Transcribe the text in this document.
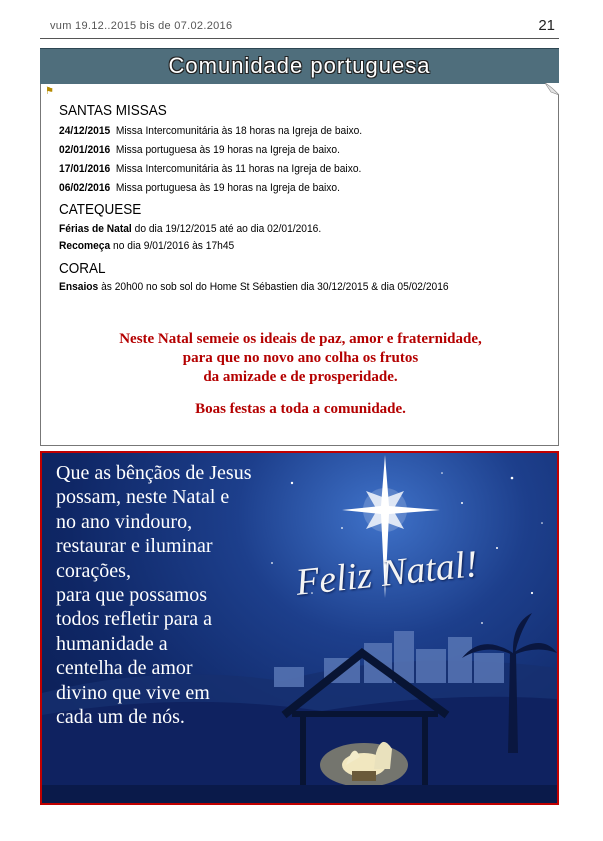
vum 19.12..2015 bis de 07.02.2016	21
Comunidade portuguesa
⚑
SANTAS MISSAS
24/12/2015  Missa Intercomunitária às 18 horas na Igreja de baixo.
02/01/2016  Missa portuguesa às 19 horas na Igreja de baixo.
17/01/2016  Missa Intercomunitária às 11 horas na Igreja de baixo.
06/02/2016  Missa portuguesa às 19 horas na Igreja de baixo.
CATEQUESE
Férias de Natal do dia 19/12/2015 até ao dia 02/01/2016.
Recomeça no dia 9/01/2016 às 17h45
CORAL
Ensaios às 20h00 no sob sol do Home St Sébastien dia 30/12/2015 & dia 05/02/2016
Neste Natal semeie os ideais de paz, amor e fraternidade,
para que no novo ano colha os frutos
da amizade e de prosperidade.
Boas festas a toda a comunidade.
Que as bênçãos de Jesus
possam, neste Natal e
no ano vindouro,
restaurar e iluminar
corações,
para que possamos
todos refletir para a
humanidade a
centelha de amor
divino que vive em
cada um de nós.
Feliz Natal!
